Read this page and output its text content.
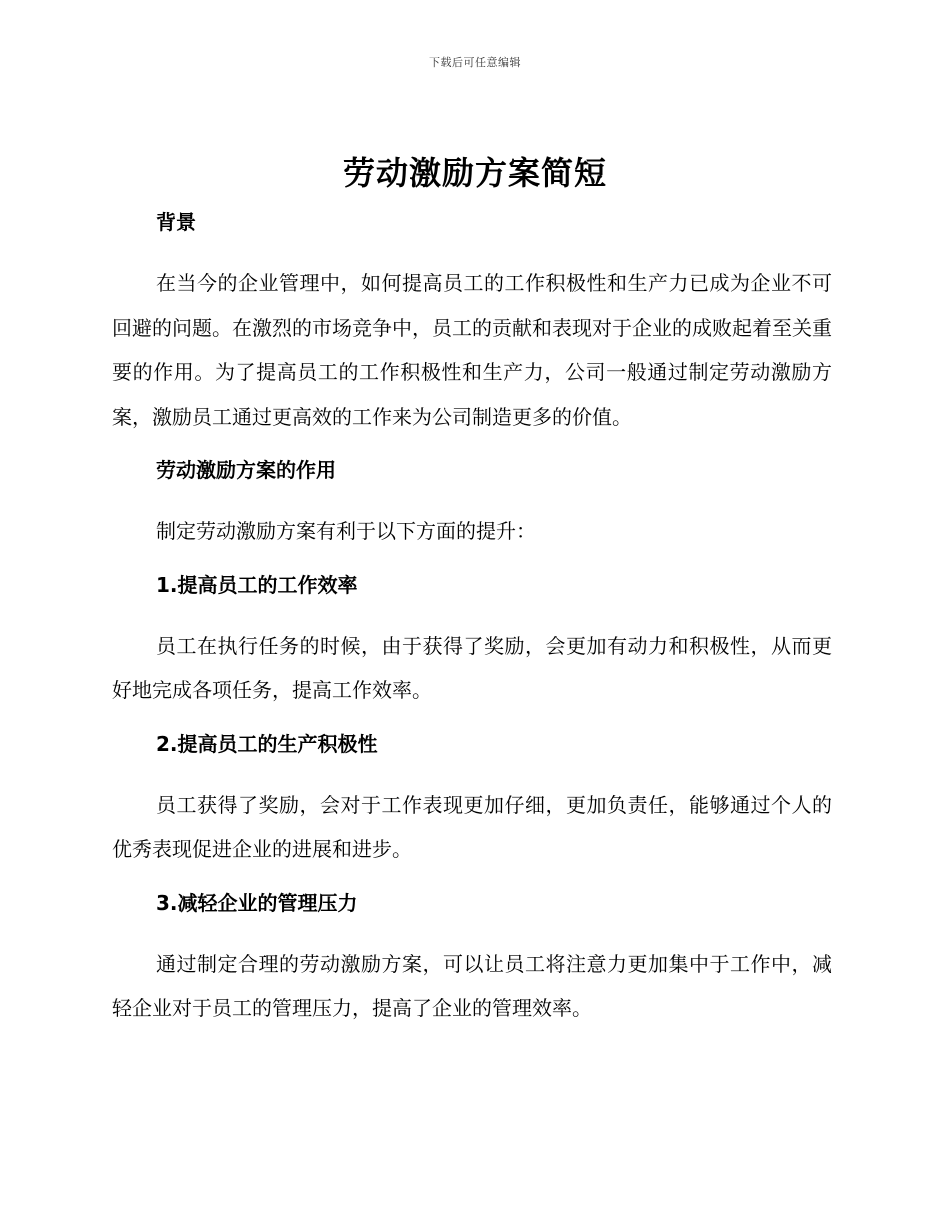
下载后可任意编辑
劳动激励方案简短
背景

在当今的企业管理中，如何提高员工的工作积极性和生产力已成为企业不可回避的问题。在激烈的市场竞争中，员工的贡献和表现对于企业的成败起着至关重要的作用。为了提高员工的工作积极性和生产力，公司一般通过制定劳动激励方案，激励员工通过更高效的工作来为公司制造更多的价值。

劳动激励方案的作用

制定劳动激励方案有利于以下方面的提升：

1.提高员工的工作效率

员工在执行任务的时候，由于获得了奖励，会更加有动力和积极性，从而更好地完成各项任务，提高工作效率。

2.提高员工的生产积极性

员工获得了奖励，会对于工作表现更加仔细，更加负责任，能够通过个人的优秀表现促进企业的进展和进步。

3.减轻企业的管理压力

通过制定合理的劳动激励方案，可以让员工将注意力更加集中于工作中，减轻企业对于员工的管理压力，提高了企业的管理效率。
